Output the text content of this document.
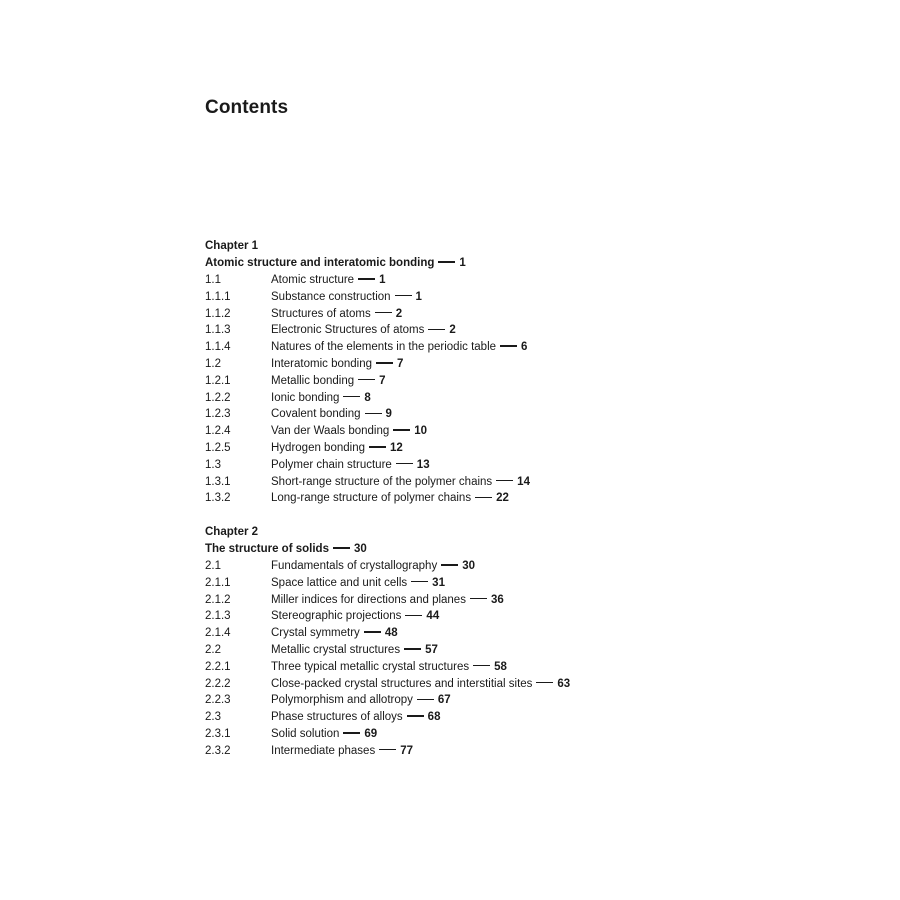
Contents
Chapter 1
Atomic structure and interatomic bonding 1
1.1	Atomic structure 1
1.1.1	Substance construction 1
1.1.2	Structures of atoms 2
1.1.3	Electronic Structures of atoms 2
1.1.4	Natures of the elements in the periodic table 6
1.2	Interatomic bonding 7
1.2.1	Metallic bonding 7
1.2.2	Ionic bonding 8
1.2.3	Covalent bonding 9
1.2.4	Van der Waals bonding 10
1.2.5	Hydrogen bonding 12
1.3	Polymer chain structure 13
1.3.1	Short-range structure of the polymer chains 14
1.3.2	Long-range structure of polymer chains 22
Chapter 2
The structure of solids 30
2.1	Fundamentals of crystallography 30
2.1.1	Space lattice and unit cells 31
2.1.2	Miller indices for directions and planes 36
2.1.3	Stereographic projections 44
2.1.4	Crystal symmetry 48
2.2	Metallic crystal structures 57
2.2.1	Three typical metallic crystal structures 58
2.2.2	Close-packed crystal structures and interstitial sites 63
2.2.3	Polymorphism and allotropy 67
2.3	Phase structures of alloys 68
2.3.1	Solid solution 69
2.3.2	Intermediate phases 77
